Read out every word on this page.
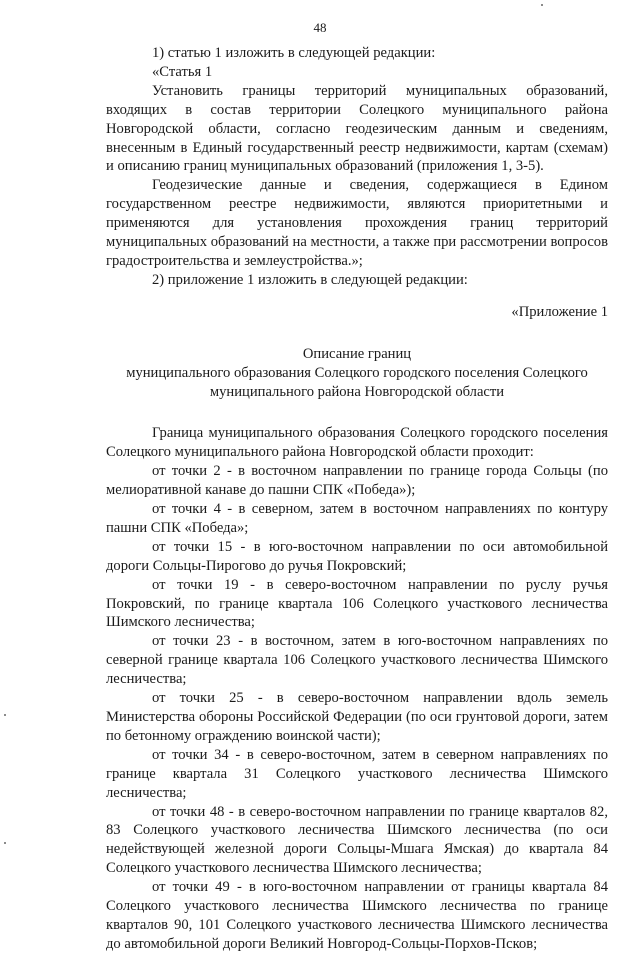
48

1) статью 1 изложить в следующей редакции:

«Статья 1

Установить границы территорий муниципальных образований, входящих в состав территории Солецкого муниципального района Новгородской области, согласно геодезическим данным и сведениям, внесенным в Единый государственный реестр недвижимости, картам (схемам) и описанию границ муниципальных образований (приложения 1, 3-5).

Геодезические данные и сведения, содержащиеся в Едином государственном реестре недвижимости, являются приоритетными и применяются для установления прохождения границ территорий муниципальных образований на местности, а также при рассмотрении вопросов градостроительства и землеустройства.»;

2) приложение 1 изложить в следующей редакции:

«Приложение 1

Описание границ

муниципального образования Солецкого городского поселения Солецкого

муниципального района Новгородской области

Граница муниципального образования Солецкого городского поселения Солецкого муниципального района Новгородской области проходит:

от точки 2 - в восточном направлении по границе города Сольцы (по мелиоративной канаве до пашни СПК «Победа»);

от точки 4 - в северном, затем в восточном направлениях по контуру пашни СПК «Победа»;

от точки 15 - в юго-восточном направлении по оси автомобильной дороги Сольцы-Пирогово до ручья Покровский;

от точки 19 - в северо-восточном направлении по руслу ручья Покровский, по границе квартала 106 Солецкого участкового лесничества Шимского лесничества;

от точки 23 - в восточном, затем в юго-восточном направлениях по северной границе квартала 106 Солецкого участкового лесничества Шимского лесничества;

от точки 25 - в северо-восточном направлении вдоль земель Министерства обороны Российской Федерации (по оси грунтовой дороги, затем по бетонному ограждению воинской части);

от точки 34 - в северо-восточном, затем в северном направлениях по границе квартала 31 Солецкого участкового лесничества Шимского лесничества;

от точки 48 - в северо-восточном направлении по границе кварталов 82, 83 Солецкого участкового лесничества Шимского лесничества (по оси недействующей железной дороги Сольцы-Мшага Ямская) до квартала 84 Солецкого участкового лесничества Шимского лесничества;

от точки 49 - в юго-восточном направлении от границы квартала 84 Солецкого участкового лесничества Шимского лесничества по границе кварталов 90, 101 Солецкого участкового лесничества Шимского лесничества до автомобильной дороги Великий Новгород-Сольцы-Порхов-Псков;
